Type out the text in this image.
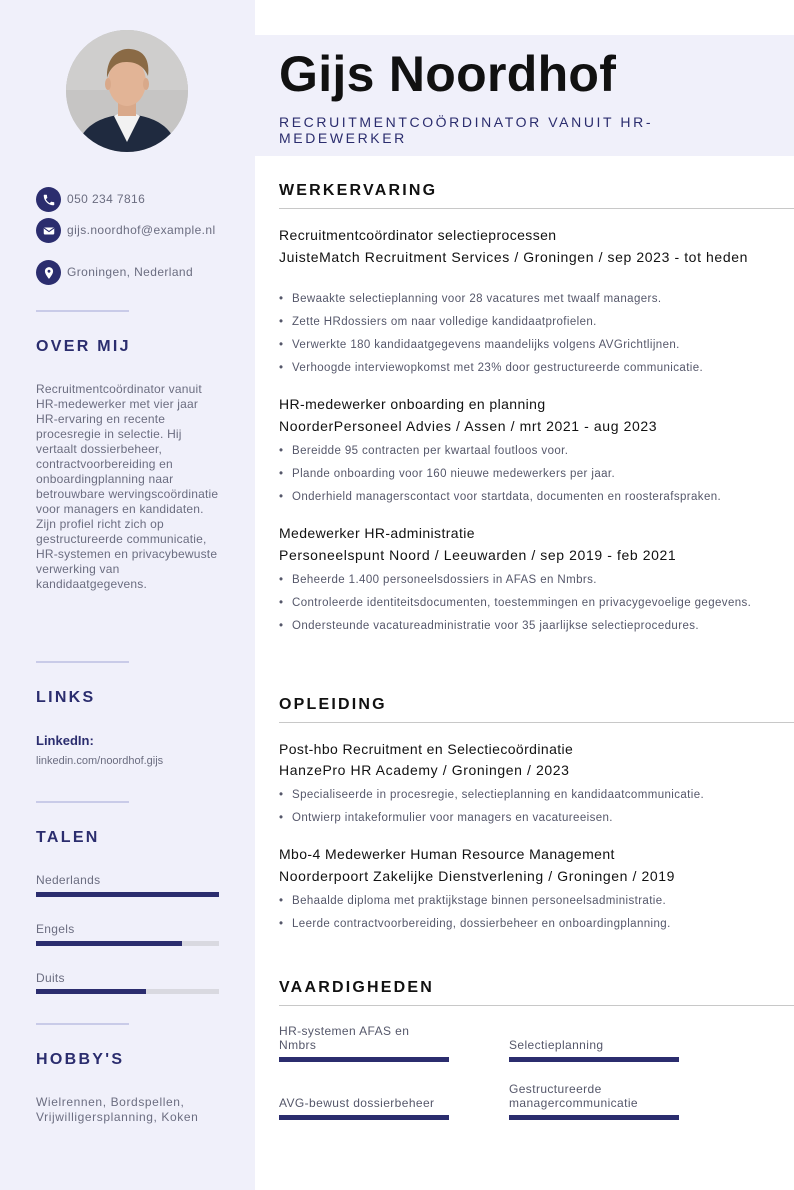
050 234 7816
gijs.noordhof@example.nl
Groningen, Nederland
OVER MIJ

Recruitmentcoördinator vanuit HR-medewerker met vier jaar HR-ervaring en recente procesregie in selectie. Hij vertaalt dossierbeheer, contractvoorbereiding en onboardingplanning naar betrouwbare wervingscoördinatie voor managers en kandidaten. Zijn profiel richt zich op gestructureerde communicatie, HR-systemen en privacybewuste verwerking van kandidaatgegevens.

LINKS
LinkedIn:
linkedin.com/noordhof.gijs
TALEN
Nederlands
Engels
Duits
HOBBY'S

Wielrennen, Bordspellen, Vrijwilligersplanning, Koken

Gijs Noordhof
RECRUITMENTCOÖRDINATOR VANUIT HR-MEDEWERKER
WERKERVARING
Recruitmentcoördinator selectieprocessen
JuisteMatch Recruitment Services / Groningen / sep 2023 - tot heden
• Bewaakte selectieplanning voor 28 vacatures met twaalf managers.
• Zette HRdossiers om naar volledige kandidaatprofielen.
• Verwerkte 180 kandidaatgegevens maandelijks volgens AVGrichtlijnen.
• Verhoogde interviewopkomst met 23% door gestructureerde communicatie.
HR-medewerker onboarding en planning
NoorderPersoneel Advies / Assen / mrt 2021 - aug 2023
• Bereidde 95 contracten per kwartaal foutloos voor.
• Plande onboarding voor 160 nieuwe medewerkers per jaar.
• Onderhield managerscontact voor startdata, documenten en roosterafspraken.
Medewerker HR-administratie
Personeelspunt Noord / Leeuwarden / sep 2019 - feb 2021
• Beheerde 1.400 personeelsdossiers in AFAS en Nmbrs.
• Controleerde identiteitsdocumenten, toestemmingen en privacygevoelige gegevens.
• Ondersteunde vacatureadministratie voor 35 jaarlijkse selectieprocedures.
OPLEIDING
Post-hbo Recruitment en Selectiecoördinatie
HanzePro HR Academy / Groningen / 2023
• Specialiseerde in procesregie, selectieplanning en kandidaatcommunicatie.
• Ontwierp intakeformulier voor managers en vacatureeisen.
Mbo-4 Medewerker Human Resource Management
Noorderpoort Zakelijke Dienstverlening / Groningen / 2019
• Behaalde diploma met praktijkstage binnen personeelsadministratie.
• Leerde contractvoorbereiding, dossierbeheer en onboardingplanning.
VAARDIGHEDEN
HR-systemen AFAS en Nmbrs	Selectieplanning
AVG-bewust dossierbeheer
Gestructureerde managercommunicatie
